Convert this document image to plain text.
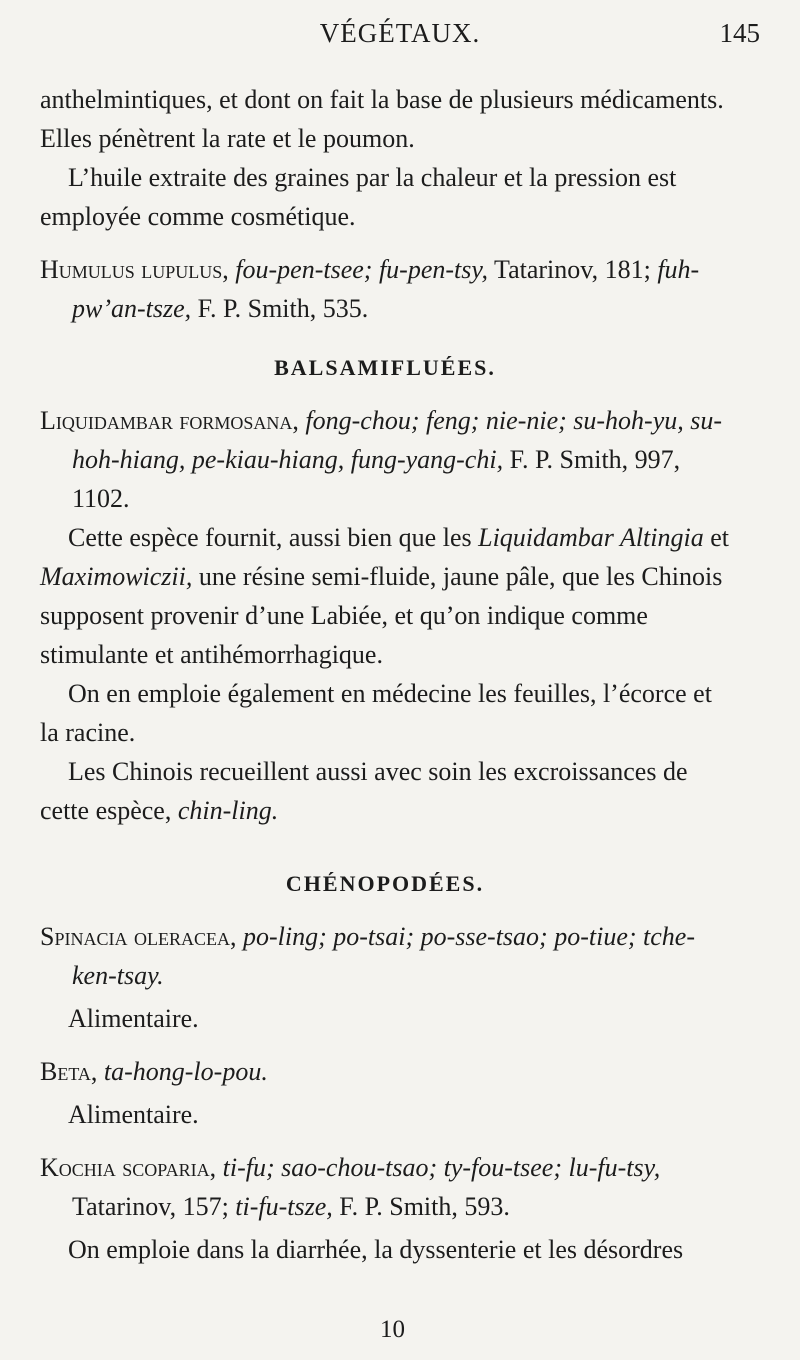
VÉGÉTAUX.	145

anthelmintiques, et dont on fait la base de plusieurs médicaments.
Elles pénètrent la rate et le poumon.

L’huile extraite des graines par la chaleur et la pression est employée comme cosmétique.

Humulus lupulus, fou-pen-tsee; fu-pen-tsy, Tatarinov, 181; fuh-pw’an-tsze, F. P. Smith, 535.

BALSAMIFLUÉES.

Liquidambar formosana, fong-chou; feng; nie-nie; su-hoh-yu, su-hoh-hiang, pe-kiau-hiang, fung-yang-chi, F. P. Smith, 997, 1102.

Cette espèce fournit, aussi bien que les Liquidambar Altingia et Maximowiczii, une résine semi-fluide, jaune pâle, que les Chinois supposent provenir d’une Labiée, et qu’on indique comme stimulante et antihémorrhagique.

On en emploie également en médecine les feuilles, l’écorce et la racine.

Les Chinois recueillent aussi avec soin les excroissances de cette espèce, chin-ling.

CHÉNOPODÉES.

Spinacia oleracea, po-ling; po-tsai; po-sse-tsao; po-tiue; tche-ken-tsay.

Alimentaire.

Beta, ta-hong-lo-pou.

Alimentaire.

Kochia scoparia, ti-fu; sao-chou-tsao; ty-fou-tsee; lu-fu-tsy, Tatarinov, 157; ti-fu-tsze, F. P. Smith, 593.

On emploie dans la diarrhée, la dyssenterie et les désordres

10
